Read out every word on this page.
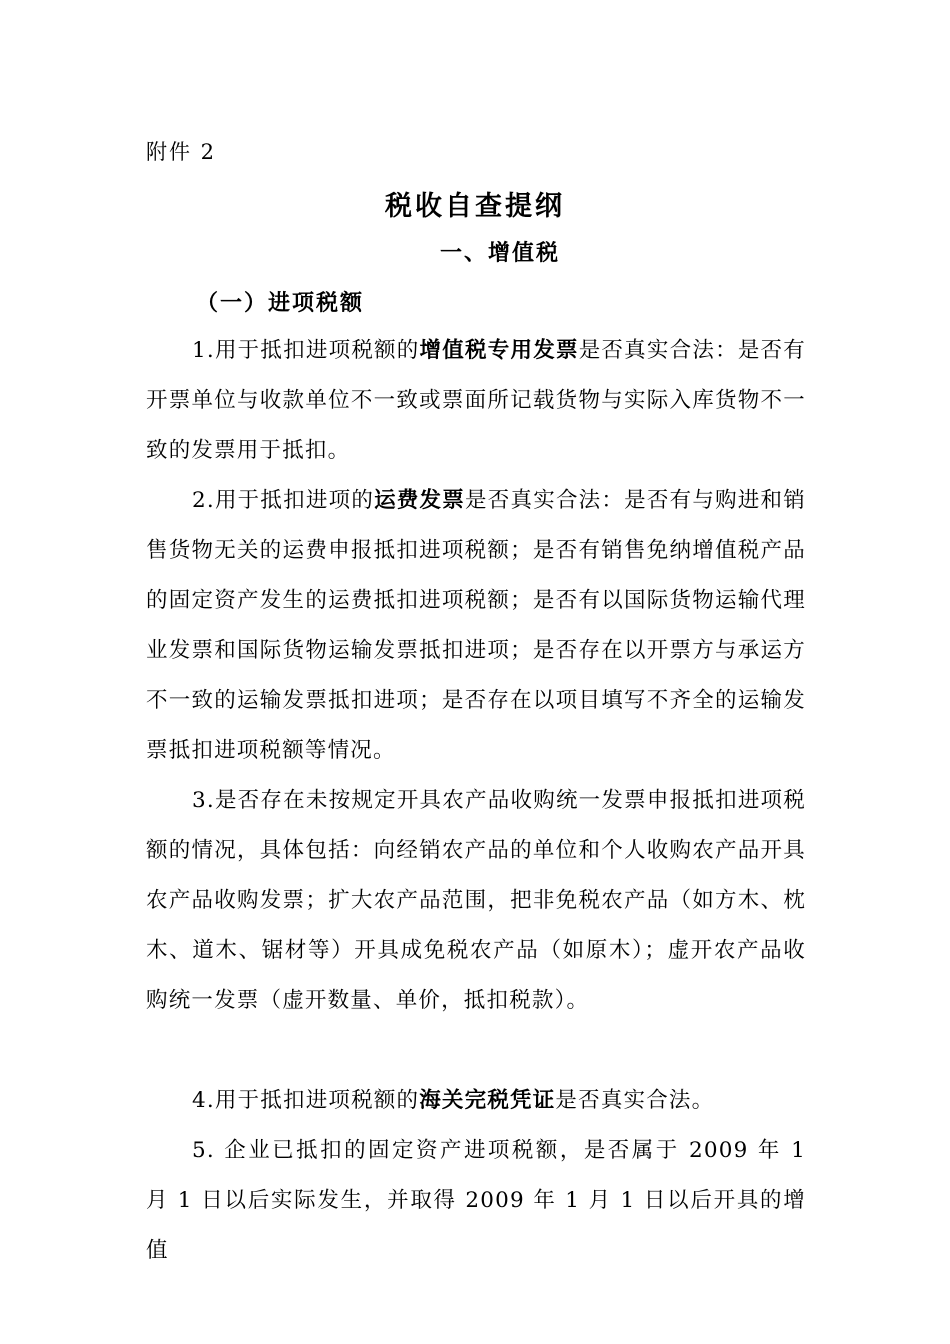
附件 2
税收自查提纲
一、增值税
（一）进项税额
1.用于抵扣进项税额的增值税专用发票是否真实合法：是否有开票单位与收款单位不一致或票面所记载货物与实际入库货物不一致的发票用于抵扣。
2.用于抵扣进项的运费发票是否真实合法：是否有与购进和销售货物无关的运费申报抵扣进项税额；是否有销售免纳增值税产品的固定资产发生的运费抵扣进项税额；是否有以国际货物运输代理业发票和国际货物运输发票抵扣进项；是否存在以开票方与承运方不一致的运输发票抵扣进项；是否存在以项目填写不齐全的运输发票抵扣进项税额等情况。
3.是否存在未按规定开具农产品收购统一发票申报抵扣进项税额的情况，具体包括：向经销农产品的单位和个人收购农产品开具农产品收购发票；扩大农产品范围，把非免税农产品（如方木、枕木、道木、锯材等）开具成免税农产品（如原木）；虚开农产品收购统一发票（虚开数量、单价，抵扣税款）。
4.用于抵扣进项税额的海关完税凭证是否真实合法。
5. 企业已抵扣的固定资产进项税额，是否属于 2009 年 1 月 1 日以后实际发生，并取得 2009 年 1 月 1 日以后开具的增值
